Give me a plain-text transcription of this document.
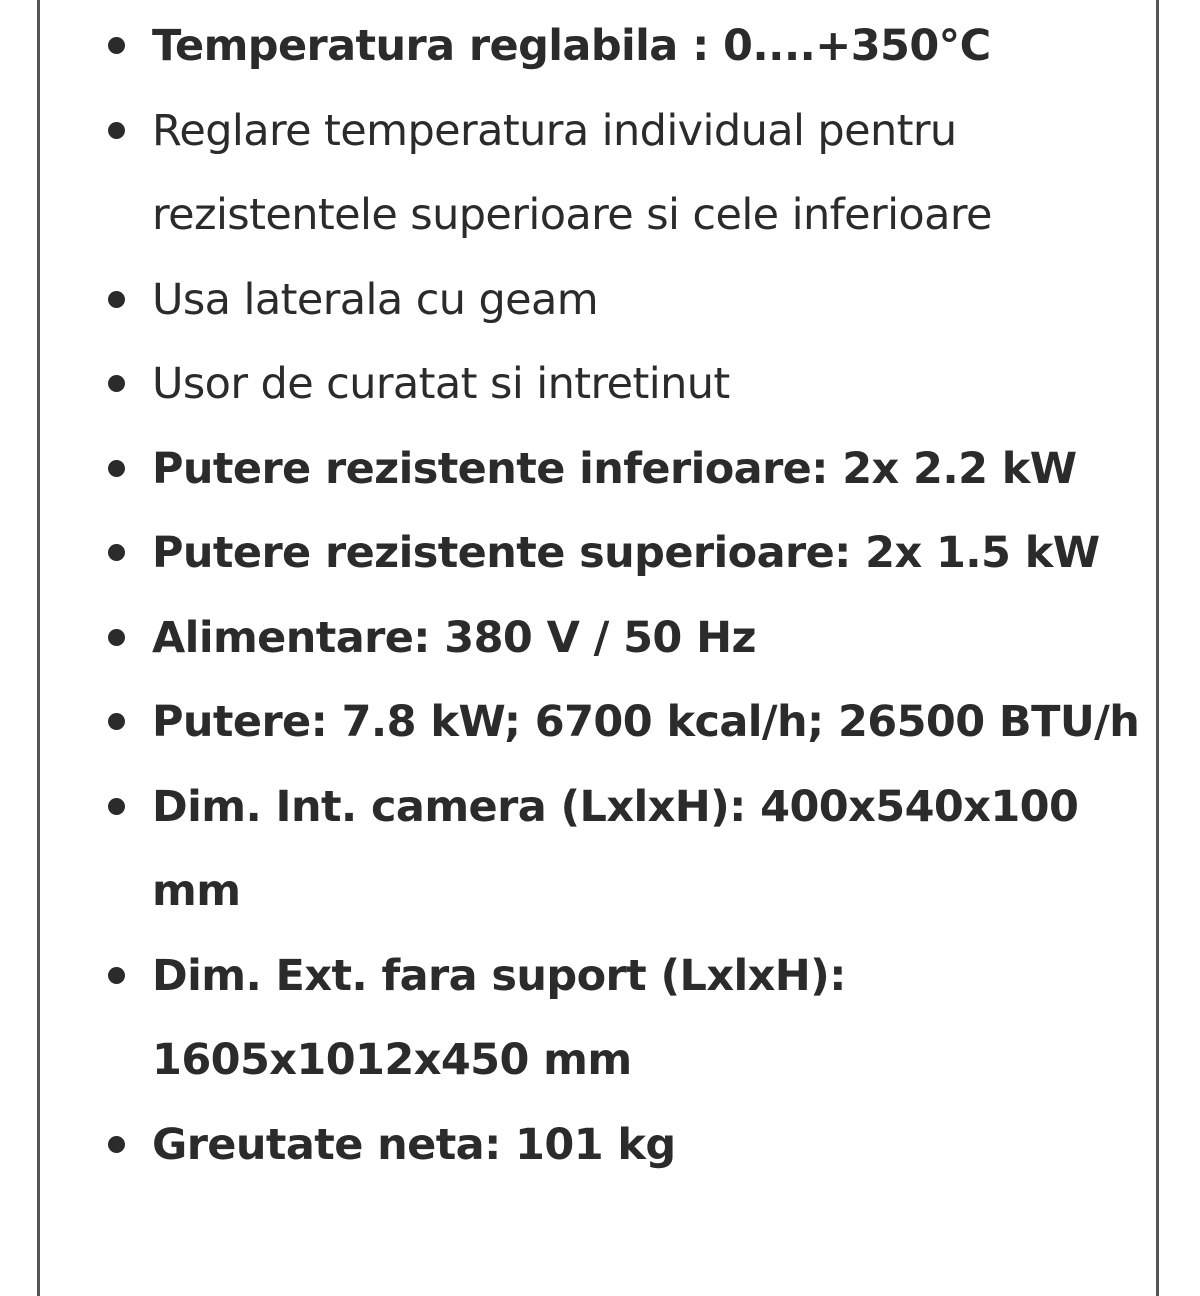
Temperatura reglabila : 0....+350°C
Reglare temperatura individual pentru rezistentele superioare si cele inferioare
Usa laterala cu geam
Usor de curatat si intretinut
Putere rezistente inferioare: 2x 2.2 kW
Putere rezistente superioare: 2x 1.5 kW
Alimentare: 380 V / 50 Hz
Putere: 7.8 kW; 6700 kcal/h; 26500 BTU/h
Dim. Int. camera (LxlxH): 400x540x100 mm
Dim. Ext. fara suport (LxlxH): 1605x1012x450 mm
Greutate neta: 101 kg
